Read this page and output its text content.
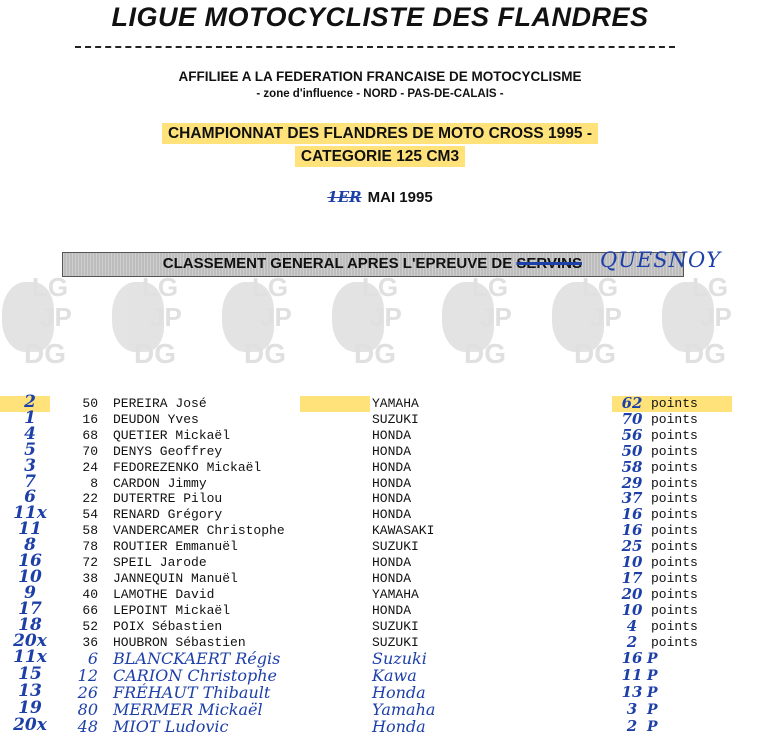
LIGUE MOTOCYCLISTE DES FLANDRES
AFFILIEE A LA FEDERATION FRANCAISE DE MOTOCYCLISME
- zone d'influence - NORD - PAS-DE-CALAIS -
CHAMPIONNAT DES FLANDRES DE MOTO CROSS 1995 -
CATEGORIE 125 CM3
1ER MAI 1995
CLASSEMENT GENERAL APRES L'EPREUVE DE SERVINS QUESNOY
LG
JP
DG
LG
JP
DG
LG
JP
DG
LG
JP
DG
LG
JP
DG
LG
JP
DG
LG
JP
DG
2	50 PEREIRA José	YAMAHA	62 points
1	16 DEUDON Yves	SUZUKI	70 points
4	68 QUETIER Mickaël	HONDA	56 points
5	70 DENYS Geoffrey	HONDA	50 points
3	24 FEDOREZENKO Mickaël	HONDA	58 points
7	8 CARDON Jimmy	HONDA	29 points
6	22 DUTERTRE Pilou	HONDA	37 points
11x	54 RENARD Grégory	HONDA	16 points
11	58 VANDERCAMER Christophe	KAWASAKI	16 points
8	78 ROUTIER Emmanuël	SUZUKI	25 points
16	72 SPEIL Jarode	HONDA	10 points
10	38 JANNEQUIN Manuël	HONDA	17 points
9	40 LAMOTHE David	YAMAHA	20 points
17	66 LEPOINT Mickaël	HONDA	10 points
18	52 POIX Sébastien	SUZUKI	4	points
20x	36 HOUBRON Sébastien	SUZUKI	2	points
11x	6 BLANCKAERT Régis	Suzuki	16 P
15	12 CARION Christophe	Kawa	11 P
13	26 FRÉHAUT Thibault	Honda	13 P
19	80 MERMER Mickaël	Yamaha	3 P
20x	48 MIOT Ludovic	Honda	2 P
